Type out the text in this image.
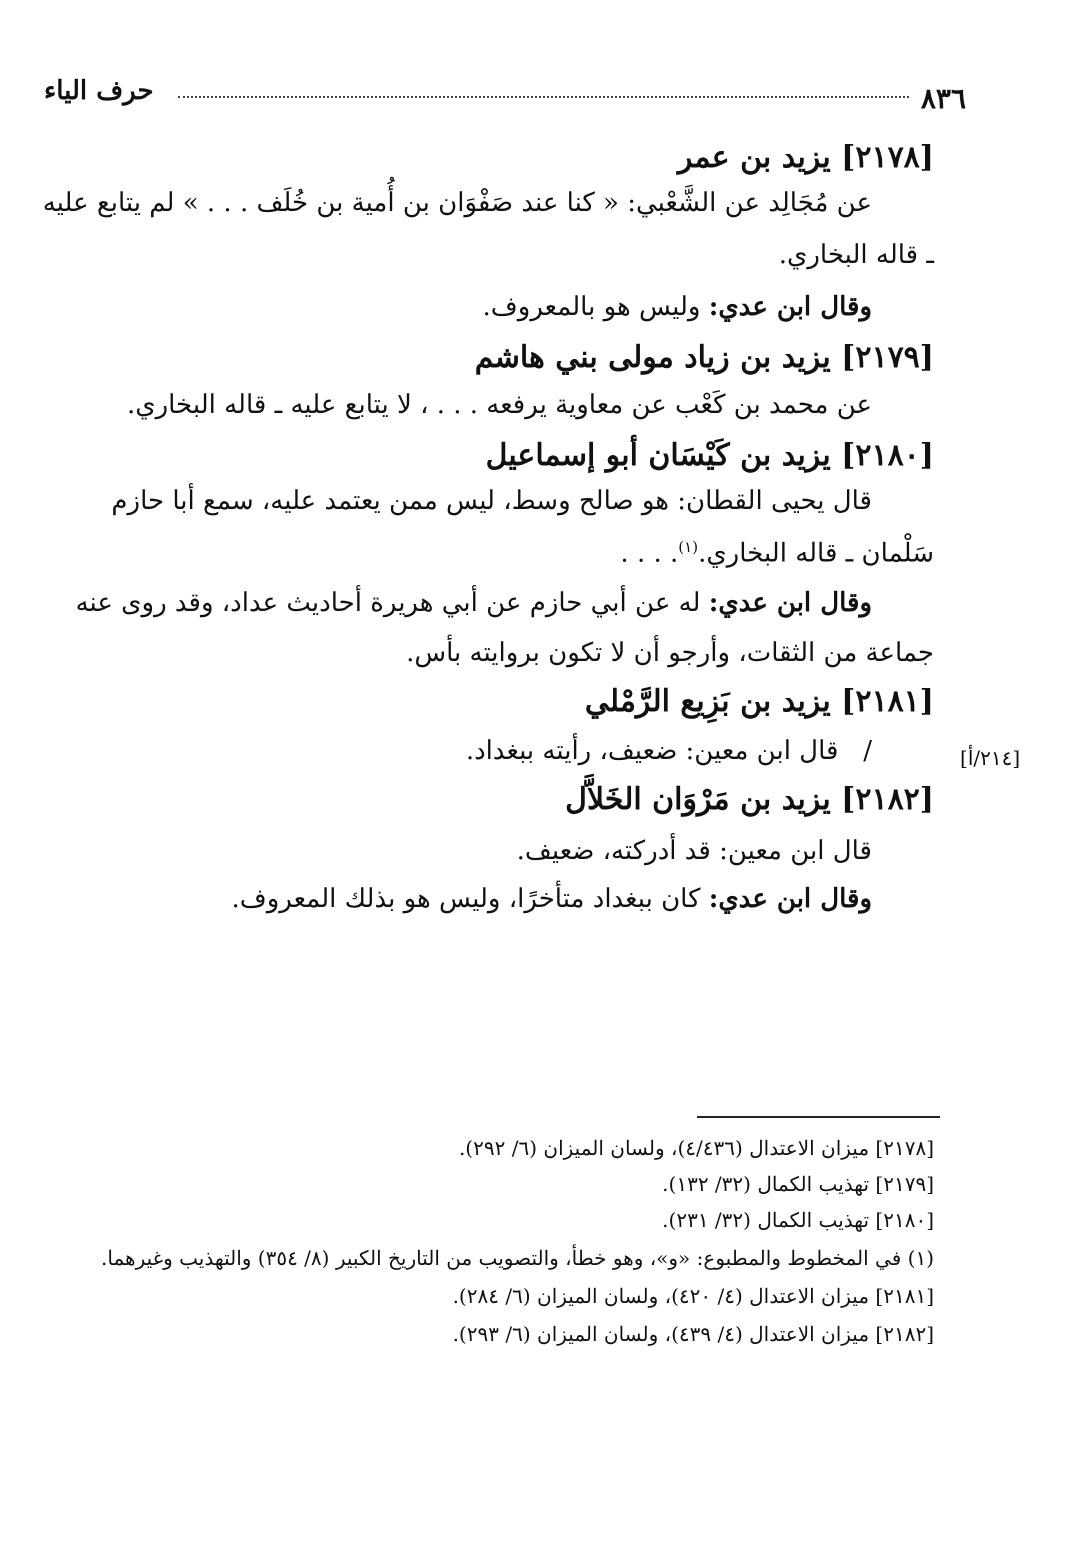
٨٣٦
حرف الياء
[٢١٧٨] يزيد بن عمر
عن مُجَالِد عن الشَّعْبي: « كنا عند صَفْوَان بن أُمية بن خُلَف . . . » لم يتابع عليه
ـ قاله البخاري.
وقال ابن عدي: وليس هو بالمعروف.
[٢١٧٩] يزيد بن زياد مولى بني هاشم
عن محمد بن كَعْب عن معاوية يرفعه . . . ، لا يتابع عليه ـ قاله البخاري.
[٢١٨٠] يزيد بن كَيْسَان أبو إسماعيل
قال يحيى القطان: هو صالح وسط، ليس ممن يعتمد عليه، سمع أبا حازم
سَلْمان ـ قاله البخاري.$^{(١)}$. . . .
وقال ابن عدي: له عن أبي حازم عن أبي هريرة أحاديث عداد، وقد روى عنه
جماعة من الثقات، وأرجو أن لا تكون بروايته بأس.
[٢١٨١] يزيد بن بَزِيع الرَّمْلي
[٢١٤/أ]
/   قال ابن معين: ضعيف، رأيته ببغداد.
[٢١٨٢] يزيد بن مَرْوَان الخَلاَّل
قال ابن معين: قد أدركته، ضعيف.
وقال ابن عدي: كان ببغداد متأخرًا، وليس هو بذلك المعروف.
[٢١٧٨] ميزان الاعتدال (٤/٤٣٦)، ولسان الميزان (٦/ ٢٩٢).
[٢١٧٩] تهذيب الكمال (٣٢/ ١٣٢).
[٢١٨٠] تهذيب الكمال (٣٢/ ٢٣١).
(١) في المخطوط والمطبوع: «و»، وهو خطأ، والتصويب من التاريخ الكبير (٨/ ٣٥٤) والتهذيب وغيرهما.
[٢١٨١] ميزان الاعتدال (٤/ ٤٢٠)، ولسان الميزان (٦/ ٢٨٤).
[٢١٨٢] ميزان الاعتدال (٤/ ٤٣٩)، ولسان الميزان (٦/ ٢٩٣).
